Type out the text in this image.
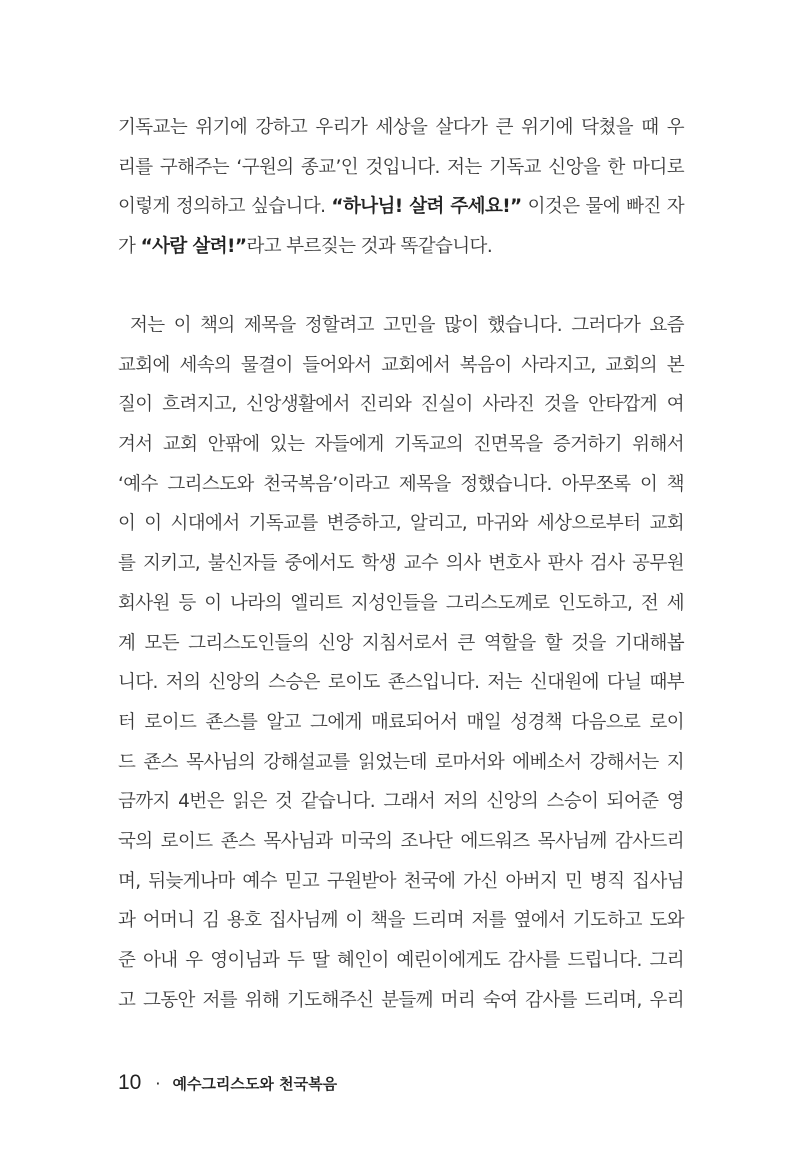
기독교는 위기에 강하고 우리가 세상을 살다가 큰 위기에 닥쳤을 때 우
리를 구해주는 ‘구원의 종교’인 것입니다. 저는 기독교 신앙을 한 마디로
이렇게 정의하고 싶습니다. “하나님! 살려 주세요!” 이것은 물에 빠진 자
가 “사람 살려!”라고 부르짖는 것과 똑같습니다.
저는 이 책의 제목을 정할려고 고민을 많이 했습니다. 그러다가 요즘
교회에 세속의 물결이 들어와서 교회에서 복음이 사라지고, 교회의 본
질이 흐려지고, 신앙생활에서 진리와 진실이 사라진 것을 안타깝게 여
겨서 교회 안팎에 있는 자들에게 기독교의 진면목을 증거하기 위해서
‘예수 그리스도와 천국복음’이라고 제목을 정했습니다. 아무쪼록 이 책
이 이 시대에서 기독교를 변증하고, 알리고, 마귀와 세상으로부터 교회
를 지키고, 불신자들 중에서도 학생 교수 의사 변호사 판사 검사 공무원
회사원 등 이 나라의 엘리트 지성인들을 그리스도께로 인도하고, 전 세
계 모든 그리스도인들의 신앙 지침서로서 큰 역할을 할 것을 기대해봅
니다. 저의 신앙의 스승은 로이도 죤스입니다. 저는 신대원에 다닐 때부
터 로이드 죤스를 알고 그에게 매료되어서 매일 성경책 다음으로 로이
드 죤스 목사님의 강해설교를 읽었는데 로마서와 에베소서 강해서는 지
금까지 4번은 읽은 것 같습니다. 그래서 저의 신앙의 스승이 되어준 영
국의 로이드 죤스 목사님과 미국의 조나단 에드워즈 목사님께 감사드리
며, 뒤늦게나마 예수 믿고 구원받아 천국에 가신 아버지 민 병직 집사님
과 어머니 김 용호 집사님께 이 책을 드리며 저를 옆에서 기도하고 도와
준 아내 우 영이님과 두 딸 혜인이 예린이에게도 감사를 드립니다. 그리
고 그동안 저를 위해 기도해주신 분들께 머리 숙여 감사를 드리며, 우리
10 · 예수그리스도와 천국복음
